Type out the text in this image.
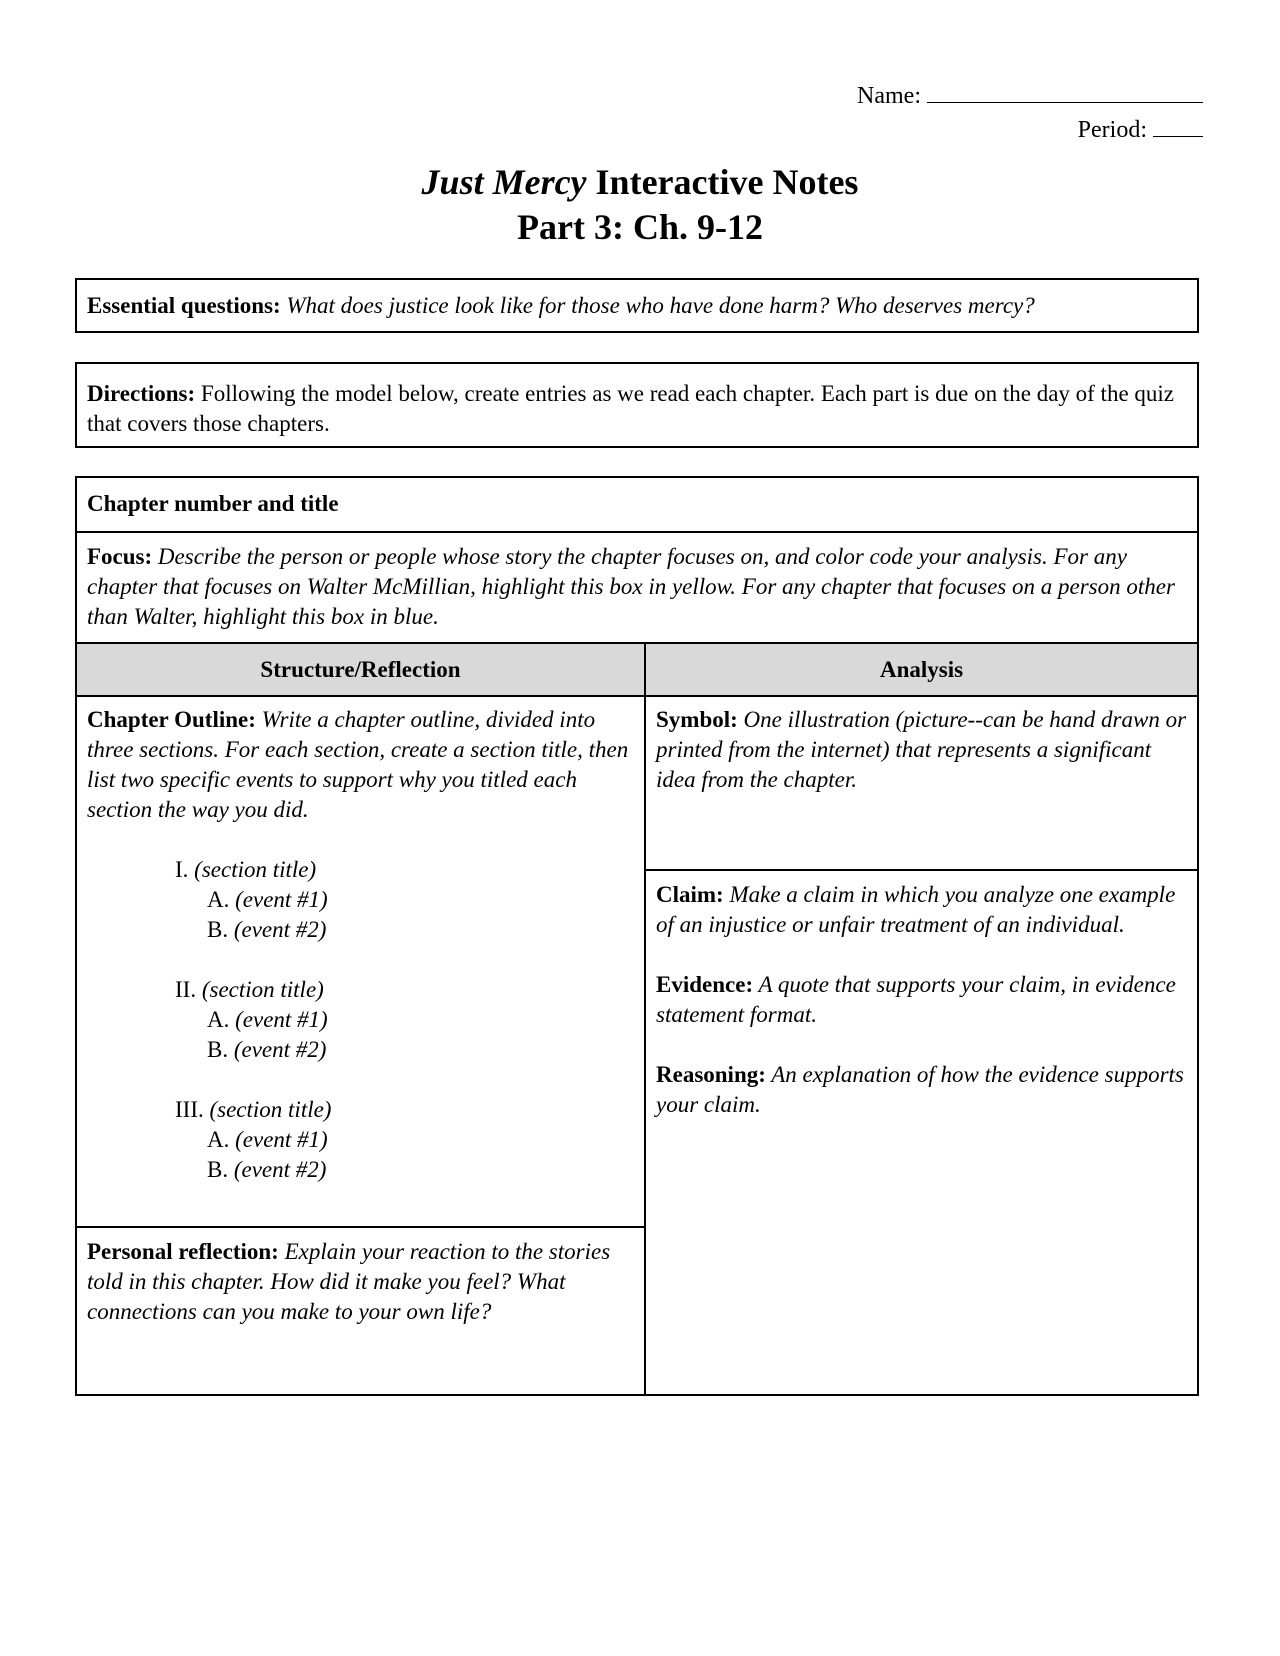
Name:
Period:
Just Mercy Interactive Notes
Part 3: Ch. 9-12
Essential questions: What does justice look like for those who have done harm? Who deserves mercy?
Directions: Following the model below, create entries as we read each chapter. Each part is due on the day of the quiz that covers those chapters.
Chapter number and title
Focus: Describe the person or people whose story the chapter focuses on, and color code your analysis. For any chapter that focuses on Walter McMillian, highlight this box in yellow. For any chapter that focuses on a person other than Walter, highlight this box in blue.
Structure/Reflection	Analysis
Chapter Outline: Write a chapter outline, divided into three sections. For each section, create a section title, then list two specific events to support why you titled each section the way you did.
I. (section title)
A. (event #1)
B. (event #2)
II. (section title)
A. (event #1)
B. (event #2)
III. (section title)
A. (event #1)
B. (event #2)
Personal reflection: Explain your reaction to the stories told in this chapter. How did it make you feel? What connections can you make to your own life?
Symbol: One illustration (picture--can be hand drawn or printed from the internet) that represents a significant idea from the chapter.
Claim: Make a claim in which you analyze one example of an injustice or unfair treatment of an individual.
Evidence: A quote that supports your claim, in evidence statement format.
Reasoning: An explanation of how the evidence supports your claim.
